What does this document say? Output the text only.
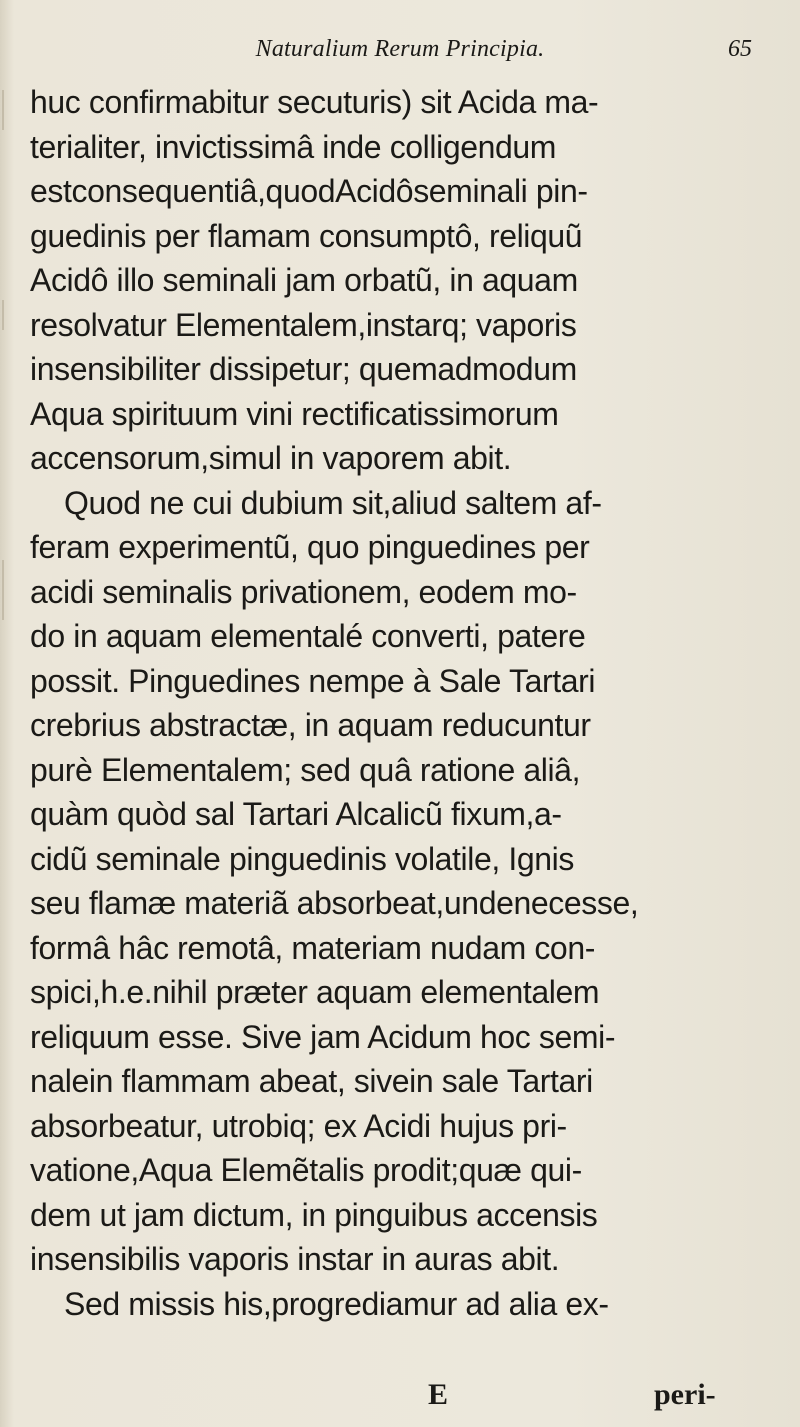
Naturalium Rerum Principia.	65
huc confirmabitur secuturis) sit Acida ma-
terialiter, invictissimâ inde colligendum
estconsequentiâ,quodAcidôseminali pin-
guedinis per flamam consumptô, reliquũ
Acidô illo seminali jam orbatũ, in aquam
resolvatur Elementalem,instarq; vaporis
insensibiliter dissipetur; quemadmodum
Aqua spirituum vini rectificatissimorum
accensorum,simul in vaporem abit.
Quod ne cui dubium sit,aliud saltem af-
feram experimentũ, quo pinguedines per
acidi seminalis privationem, eodem mo-
do in aquam elementalé converti, patere
possit. Pinguedines nempe à Sale Tartari
crebrius abstractæ, in aquam reducuntur
purè Elementalem; sed quâ ratione aliâ,
quàm quòd sal Tartari Alcalicũ fixum,a-
cidũ seminale pinguedinis volatile, Ignis
seu flamæ materiã absorbeat,undenecesse,
formâ hâc remotâ, materiam nudam con-
spici,h.e.nihil præter aquam elementalem
reliquum esse. Sive jam Acidum hoc semi-
nalein flammam abeat, sivein sale Tartari
absorbeatur, utrobiq; ex Acidi hujus pri-
vatione,Aqua Elemẽtalis prodit;quæ qui-
dem ut jam dictum, in pinguibus accensis
insensibilis vaporis instar in auras abit.
Sed missis his,progrediamur ad alia ex-
E	peri-
